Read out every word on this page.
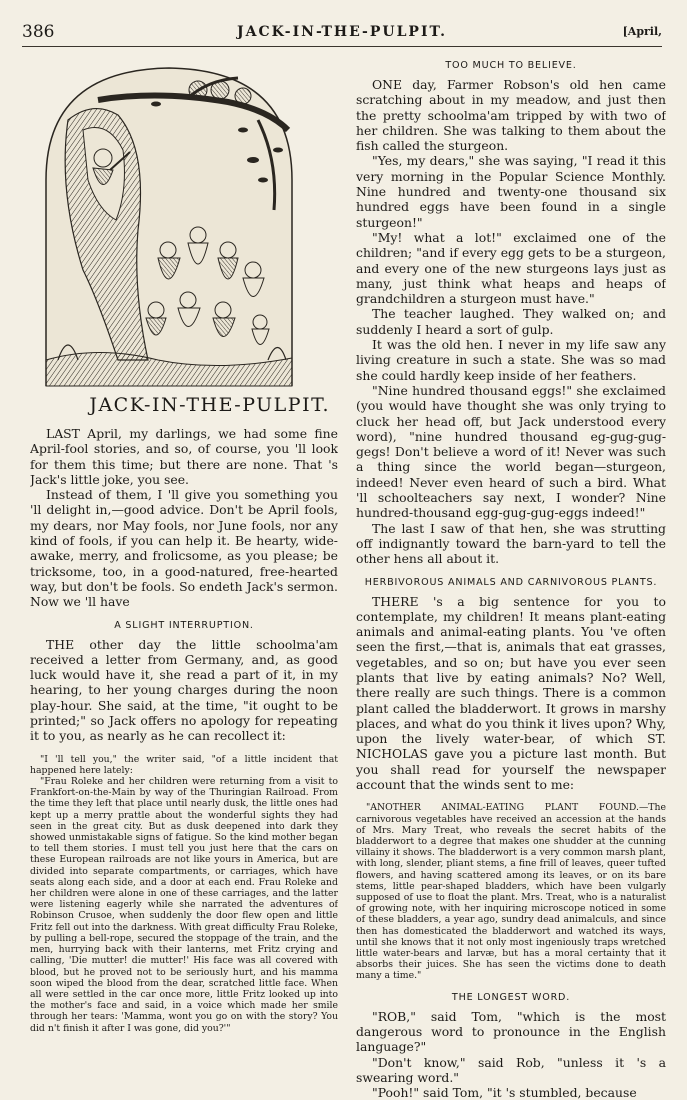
386	JACK-IN-THE-PULPIT.	[April,
JACK-IN-THE-PULPIT.

LAST April, my darlings, we had some fine April-fool stories, and so, of course, you 'll look for them this time; but there are none. That 's Jack's little joke, you see.

Instead of them, I 'll give you something you 'll delight in,—good advice. Don't be April fools, my dears, nor May fools, nor June fools, nor any kind of fools, if you can help it. Be hearty, wide-awake, merry, and frolicsome, as you please; be tricksome, too, in a good-natured, free-hearted way, but don't be fools. So endeth Jack's sermon. Now we 'll have

A SLIGHT INTERRUPTION.

THE other day the little schoolma'am received a letter from Germany, and, as good luck would have it, she read a part of it, in my hearing, to her young charges during the noon play-hour. She said, at the time, "it ought to be printed;" so Jack offers no apology for repeating it to you, as nearly as he can recollect it:

"I 'll tell you," the writer said, "of a little incident that happened here lately:

"Frau Roleke and her children were returning from a visit to Frankfort-on-the-Main by way of the Thuringian Railroad. From the time they left that place until nearly dusk, the little ones had kept up a merry prattle about the wonderful sights they had seen in the great city. But as dusk deepened into dark they showed unmistakable signs of fatigue. So the kind mother began to tell them stories. I must tell you just here that the cars on these European railroads are not like yours in America, but are divided into separate compartments, or carriages, which have seats along each side, and a door at each end. Frau Roleke and her children were alone in one of these carriages, and the latter were listening eagerly while she narrated the adventures of Robinson Crusoe, when suddenly the door flew open and little Fritz fell out into the darkness. With great difficulty Frau Roleke, by pulling a bell-rope, secured the stoppage of the train, and the men, hurrying back with their lanterns, met Fritz crying and calling, 'Die mutter! die mutter!' His face was all covered with blood, but he proved not to be seriously hurt, and his mamma soon wiped the blood from the dear, scratched little face. When all were settled in the car once more, little Fritz looked up into the mother's face and said, in a voice which made her smile through her tears: 'Mamma, wont you go on with the story? You did n't finish it after I was gone, did you?'"

TOO MUCH TO BELIEVE.

ONE day, Farmer Robson's old hen came scratching about in my meadow, and just then the pretty schoolma'am tripped by with two of her children. She was talking to them about the fish called the sturgeon.

"Yes, my dears," she was saying, "I read it this very morning in the Popular Science Monthly. Nine hundred and twenty-one thousand six hundred eggs have been found in a single sturgeon!"

"My! what a lot!" exclaimed one of the children; "and if every egg gets to be a sturgeon, and every one of the new sturgeons lays just as many, just think what heaps and heaps of grandchildren a sturgeon must have."

The teacher laughed. They walked on; and suddenly I heard a sort of gulp.

It was the old hen. I never in my life saw any living creature in such a state. She was so mad she could hardly keep inside of her feathers.

"Nine hundred thousand eggs!" she exclaimed (you would have thought she was only trying to cluck her head off, but Jack understood every word), "nine hundred thousand eg-gug-gug-gegs! Don't believe a word of it! Never was such a thing since the world began—sturgeon, indeed! Never even heard of such a bird. What 'll schoolteachers say next, I wonder? Nine hundred-thousand egg-gug-gug-eggs indeed!"

The last I saw of that hen, she was strutting off indignantly toward the barn-yard to tell the other hens all about it.

HERBIVOROUS ANIMALS AND CARNIVOROUS PLANTS.

THERE 's a big sentence for you to contemplate, my children! It means plant-eating animals and animal-eating plants. You 've often seen the first,—that is, animals that eat grasses, vegetables, and so on; but have you ever seen plants that live by eating animals? No? Well, there really are such things. There is a common plant called the bladderwort. It grows in marshy places, and what do you think it lives upon? Why, upon the lively water-bear, of which ST. NICHOLAS gave you a picture last month. But you shall read for yourself the newspaper account that the winds sent to me:

"ANOTHER ANIMAL-EATING PLANT FOUND.—The carnivorous vegetables have received an accession at the hands of Mrs. Mary Treat, who reveals the secret habits of the bladderwort to a degree that makes one shudder at the cunning villainy it shows. The bladderwort is a very common marsh plant, with long, slender, pliant stems, a fine frill of leaves, queer tufted flowers, and having scattered among its leaves, or on its bare stems, little pear-shaped bladders, which have been vulgarly supposed of use to float the plant. Mrs. Treat, who is a naturalist of growing note, with her inquiring microscope noticed in some of these bladders, a year ago, sundry dead animalculs, and since then has domesticated the bladderwort and watched its ways, until she knows that it not only most ingeniously traps wretched little water-bears and larvæ, but has a moral certainty that it absorbs their juices. She has seen the victims done to death many a time."

THE LONGEST WORD.

"ROB," said Tom, "which is the most dangerous word to pronounce in the English language?"

"Don't know," said Rob, "unless it 's a swearing word."

"Pooh!" said Tom, "it 's stumbled, because
